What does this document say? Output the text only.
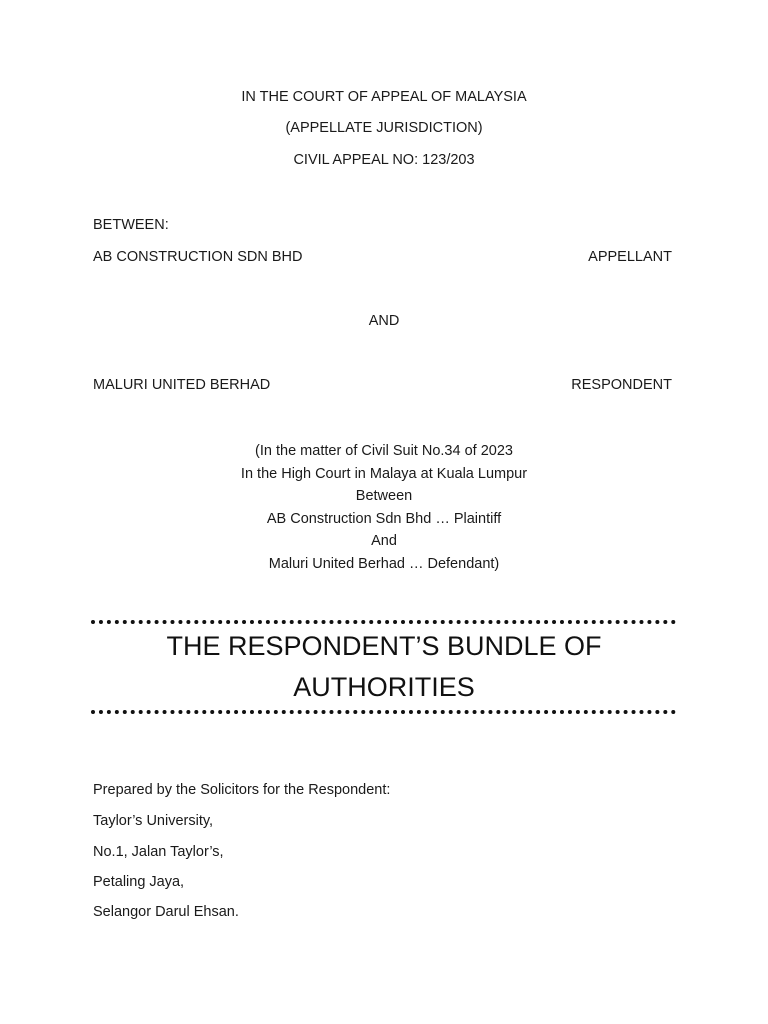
IN THE COURT OF APPEAL OF MALAYSIA
(APPELLATE JURISDICTION)
CIVIL APPEAL NO: 123/203
BETWEEN:
AB CONSTRUCTION SDN BHD	APPELLANT
AND
MALURI UNITED BERHAD	RESPONDENT
(In the matter of Civil Suit No.34 of 2023
In the High Court in Malaya at Kuala Lumpur
Between
AB Construction Sdn Bhd … Plaintiff
And
Maluri United Berhad … Defendant)
THE RESPONDENT’S BUNDLE OF
AUTHORITIES
Prepared by the Solicitors for the Respondent:
Taylor’s University,
No.1, Jalan Taylor’s,
Petaling Jaya,
Selangor Darul Ehsan.
